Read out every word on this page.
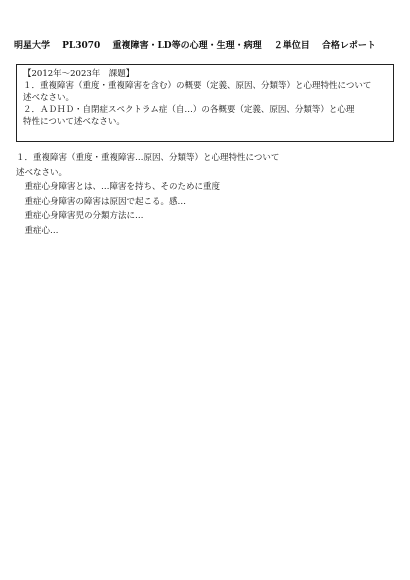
明星大学　 PL3070　 重複障害・LD等の心理・生理・病理　 ２単位目　 合格レポート
【2012年～2023年　課題】
１．重複障害（重度・重複障害を含む）の概要（定義、原因、分類等）と心理特性について
述べなさい。
２．ＡＤＨＤ・自閉症スペクトラム症（自…）の各概要（定義、原因、分類等）と心理
特性について述べなさい。
１．重複障害（重度・重複障害…原因、分類等）と心理特性について
述べなさい。
　重症心身障害とは、…障害を持ち、そのために重度
　重症心身障害の障害は原因で起こる。感…
　重症心身障害児の分類方法に…
　重症心…
